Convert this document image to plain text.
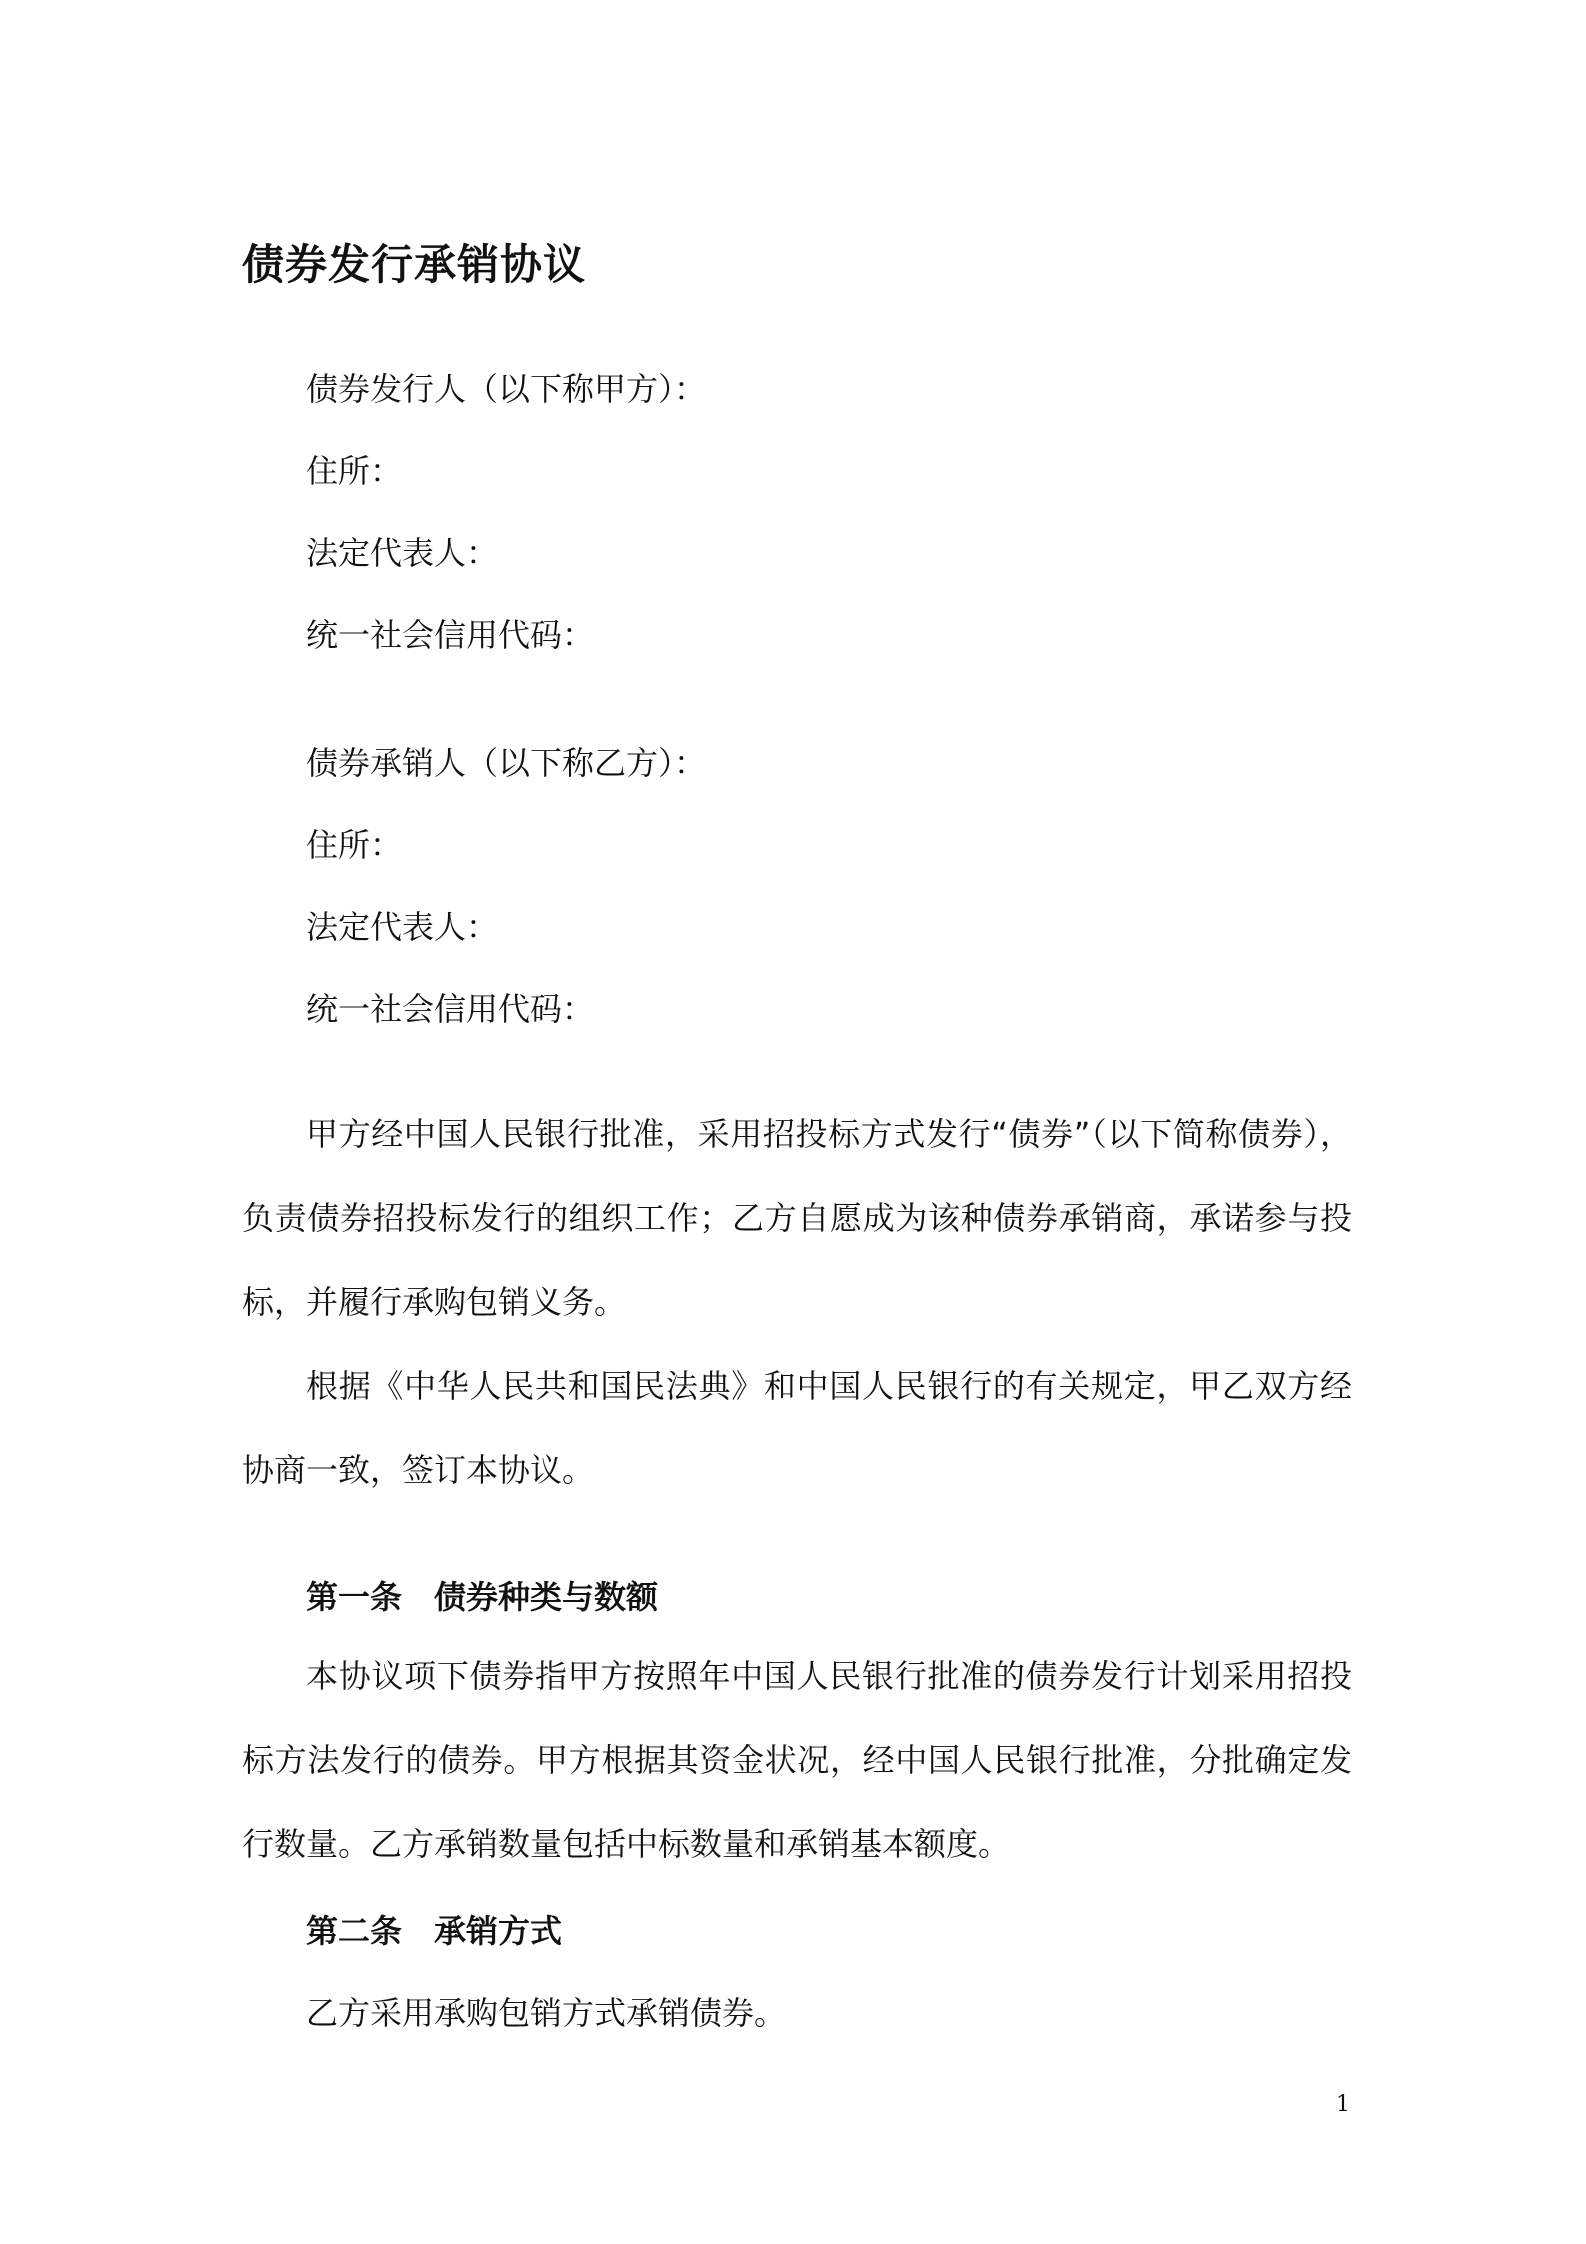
债券发行承销协议

债券发行人（以下称甲方）：

住所：

法定代表人：

统一社会信用代码：

债券承销人（以下称乙方）：

住所：

法定代表人：

统一社会信用代码：

甲方经中国人民银行批准，采用招投标方式发行“债券”（以下简称债券），负责债券招投标发行的组织工作；乙方自愿成为该种债券承销商，承诺参与投标，并履行承购包销义务。

根据《中华人民共和国民法典》和中国人民银行的有关规定，甲乙双方经协商一致，签订本协议。

第一条 债券种类与数额

本协议项下债券指甲方按照年中国人民银行批准的债券发行计划采用招投标方法发行的债券。甲方根据其资金状况，经中国人民银行批准，分批确定发行数量。乙方承销数量包括中标数量和承销基本额度。

第二条 承销方式

乙方采用承购包销方式承销债券。

1
